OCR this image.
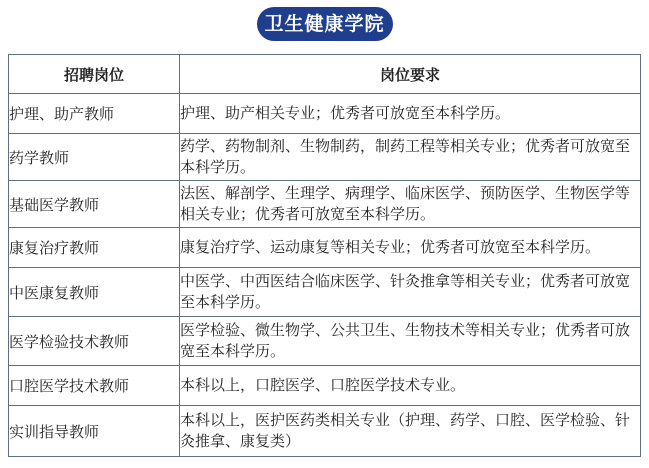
卫生健康学院
招聘岗位	岗位要求
护理、助产教师	护理、助产相关专业；优秀者可放宽至本科学历。
药学教师	药学、药物制剂、生物制药，制药工程等相关专业；优秀者可放宽至本科学历。
基础医学教师	法医、解剖学、生理学、病理学、临床医学、预防医学、生物医学等相关专业；优秀者可放宽至本科学历。
康复治疗教师	康复治疗学、运动康复等相关专业；优秀者可放宽至本科学历。
中医康复教师	中医学、中西医结合临床医学、针灸推拿等相关专业；优秀者可放宽至本科学历。
医学检验技术教师	医学检验、微生物学、公共卫生、生物技术等相关专业；优秀者可放宽至本科学历。
口腔医学技术教师	本科以上，口腔医学、口腔医学技术专业。
实训指导教师	本科以上，医护医药类相关专业（护理、药学、口腔、医学检验、针灸推拿、康复类）
